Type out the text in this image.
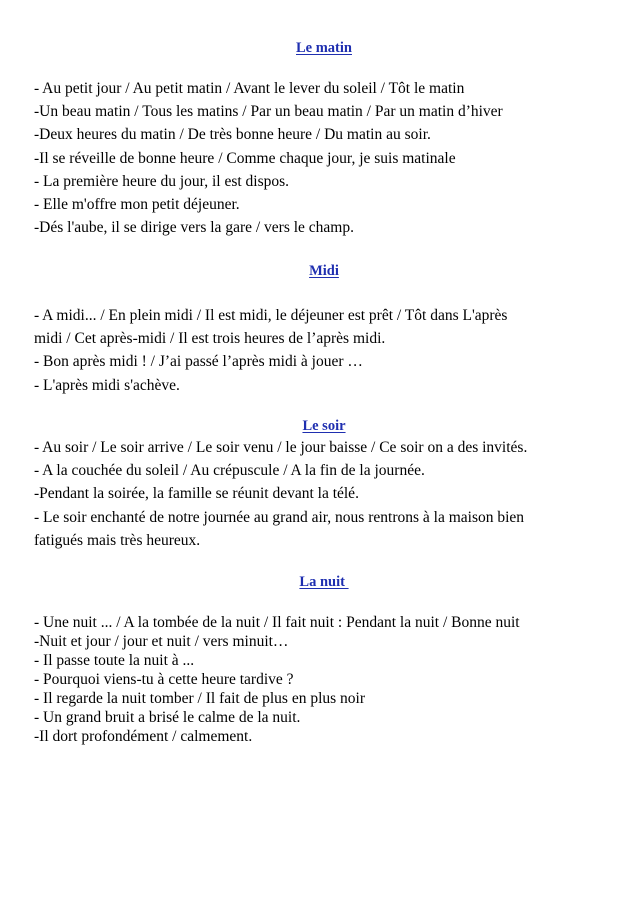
Le matin
- Au petit jour / Au petit matin / Avant le lever du soleil / Tôt le matin
-Un beau matin / Tous les matins / Par un beau matin / Par un matin d’hiver
-Deux heures du matin / De très bonne heure / Du matin au soir.
-Il se réveille de bonne heure / Comme chaque jour, je suis matinale
- La première heure du jour, il est dispos.
- Elle m'offre mon petit déjeuner.
-Dés l'aube, il se dirige vers la gare / vers le champ.
Midi
- A midi... / En plein midi / Il est midi, le déjeuner est prêt / Tôt dans L'après
midi / Cet après-midi / Il est trois heures de l’après midi.
- Bon après midi ! / J’ai passé l’après midi à jouer …
- L'après midi s'achève.
Le soir
- Au soir / Le soir arrive / Le soir venu / le jour baisse / Ce soir on a des invités.
- A la couchée du soleil / Au crépuscule / A la fin de la journée.
-Pendant la soirée, la famille se réunit devant la télé.
- Le soir enchanté de notre journée au grand air, nous rentrons à la maison bien
fatigués mais très heureux.
La nuit
- Une nuit ... / A la tombée de la nuit / Il fait nuit : Pendant la nuit / Bonne nuit
-Nuit et jour / jour et nuit / vers minuit…
- Il passe toute la nuit à ...
- Pourquoi viens-tu à cette heure tardive ?
- Il regarde la nuit tomber / Il fait de plus en plus noir
- Un grand bruit a brisé le calme de la nuit.
-Il dort profondément / calmement.
